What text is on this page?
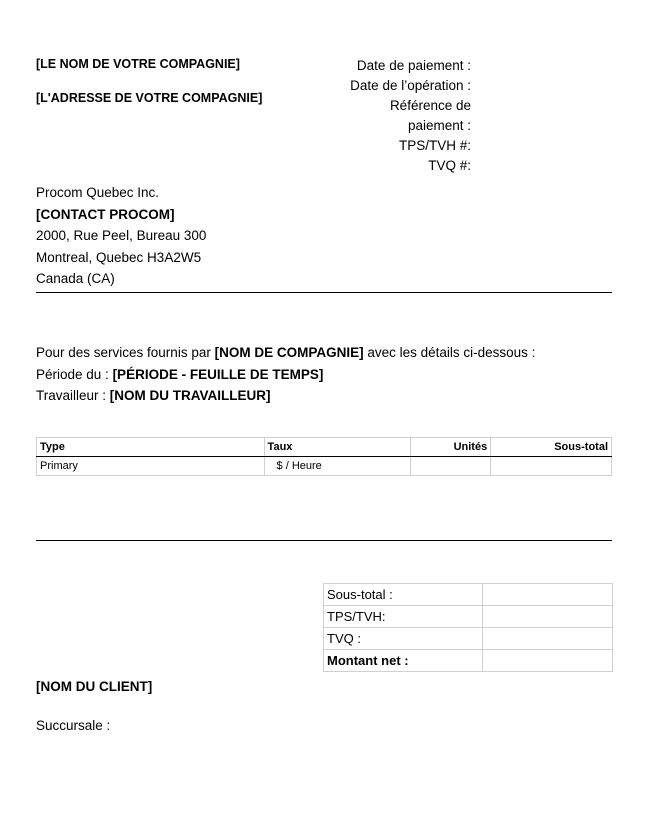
[LE NOM DE VOTRE COMPAGNIE]
[L'ADRESSE DE VOTRE COMPAGNIE]
Date de paiement :
Date de l’opération :
Référence de
paiement :
TPS/TVH #:
TVQ #:
Procom Quebec Inc.
[CONTACT PROCOM]
2000, Rue Peel, Bureau 300
Montreal, Quebec H3A2W5
Canada (CA)
Pour des services fournis par [NOM DE COMPAGNIE] avec les détails ci-dessous :
Période du : [PÉRIODE - FEUILLE DE TEMPS]
Travailleur : [NOM DU TRAVAILLEUR]
Type	Taux	Unités	Sous-total
Primary	$ / Heure		
Sous-total :	
TPS/TVH:	
TVQ :	
Montant net :	
[NOM DU CLIENT]
Succursale :
